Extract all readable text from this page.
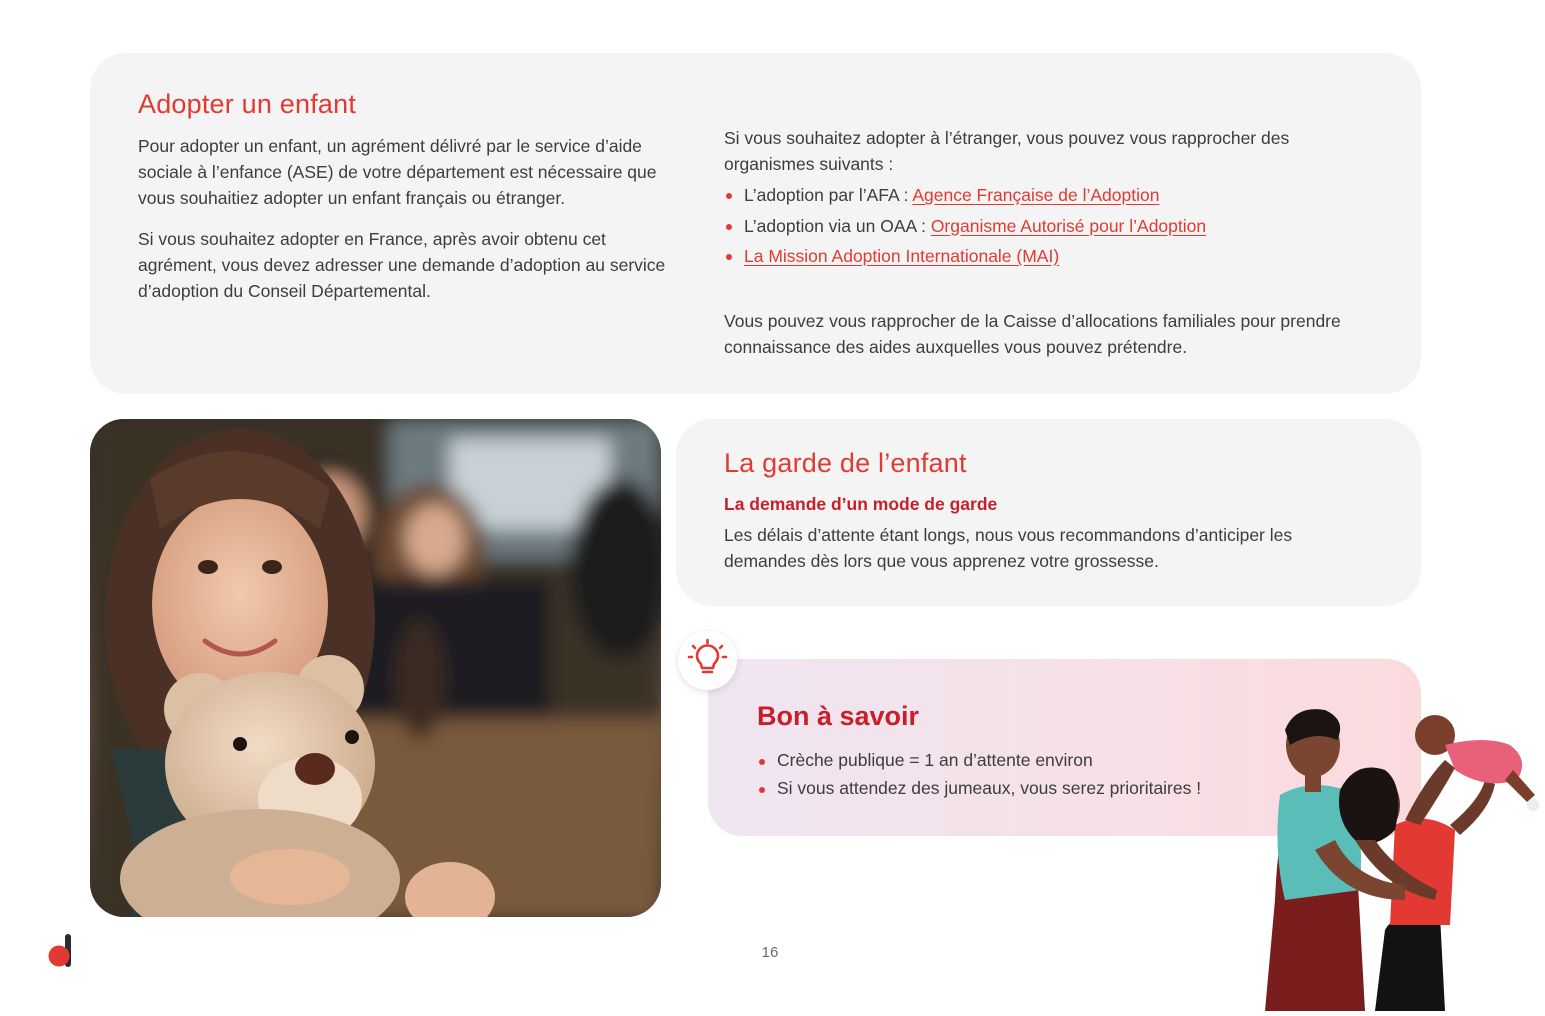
Adopter un enfant

Pour adopter un enfant, un agrément délivré par le service d’aide sociale à l’enfance (ASE) de votre département est nécessaire que vous souhaitiez adopter un enfant français ou étranger.

Si vous souhaitez adopter en France, après avoir obtenu cet agrément, vous devez adresser une demande d’adoption au service d’adoption du Conseil Départemental.

Si vous souhaitez adopter à l’étranger, vous pouvez vous rapprocher des organismes suivants :

L’adoption par l’AFA : Agence Française de l’Adoption
L’adoption via un OAA : Organisme Autorisé pour l’Adoption
La Mission Adoption Internationale (MAI)

Vous pouvez vous rapprocher de la Caisse d’allocations familiales pour prendre connaissance des aides auxquelles vous pouvez prétendre.

La garde de l’enfant
La demande d’un mode de garde

Les délais d’attente étant longs, nous vous recommandons d’anticiper les demandes dès lors que vous apprenez votre grossesse.

Bon à savoir
Crèche publique = 1 an d’attente environ
Si vous attendez des jumeaux, vous serez prioritaires !
16
